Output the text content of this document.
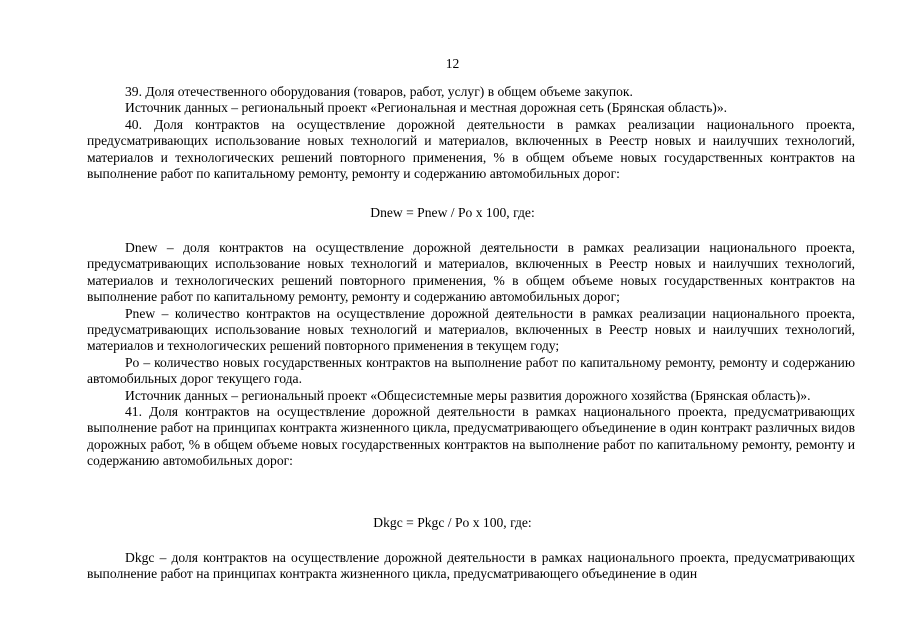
12

39. Доля отечественного оборудования (товаров, работ, услуг) в общем объеме закупок.

Источник данных – региональный проект «Региональная и местная дорожная сеть (Брянская область)».

40. Доля контрактов на осуществление дорожной деятельности в рамках реализации национального проекта, предусматривающих использование новых технологий и материалов, включенных в Реестр новых и наилучших технологий, материалов и технологических решений повторного применения, % в общем объеме новых государственных контрактов на выполнение работ по капитальному ремонту, ремонту и содержанию автомобильных дорог:

Dnew = Pnew / Po x 100, где:

Dnew – доля контрактов на осуществление дорожной деятельности в рамках реализации национального проекта, предусматривающих использование новых технологий и материалов, включенных в Реестр новых и наилучших технологий, материалов и технологических решений повторного применения, % в общем объеме новых государственных контрактов на выполнение работ по капитальному ремонту, ремонту и содержанию автомобильных дорог;

Pnew – количество контрактов на осуществление дорожной деятельности в рамках реализации национального проекта, предусматривающих использование новых технологий и материалов, включенных в Реестр новых и наилучших технологий, материалов и технологических решений повторного применения в текущем году;

Po – количество новых государственных контрактов на выполнение работ по капитальному ремонту, ремонту и содержанию автомобильных дорог текущего года.

Источник данных – региональный проект «Общесистемные меры развития дорожного хозяйства (Брянская область)».

41. Доля контрактов на осуществление дорожной деятельности в рамках национального проекта, предусматривающих выполнение работ на принципах контракта жизненного цикла, предусматривающего объединение в один контракт различных видов дорожных работ, % в общем объеме новых государственных контрактов на выполнение работ по капитальному ремонту, ремонту и содержанию автомобильных дорог:

Dkgc = Pkgc / Po x 100, где:

Dkgc – доля контрактов на осуществление дорожной деятельности в рамках национального проекта, предусматривающих выполнение работ на принципах контракта жизненного цикла, предусматривающего объединение в один
